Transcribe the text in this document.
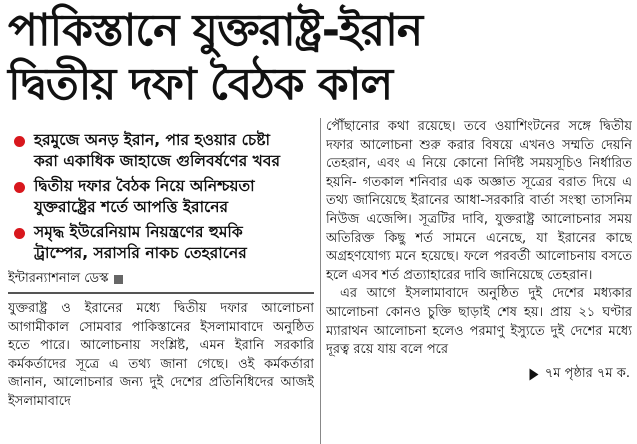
পাকিস্তানে যুক্তরাষ্ট্র-ইরান
দ্বিতীয় দফা বৈঠক কাল
হরমুজে অনড় ইরান, পার হওয়ার চেষ্টা
করা একাধিক জাহাজে গুলিবর্ষণের খবর
দ্বিতীয় দফার বৈঠক নিয়ে অনিশ্চয়তা
যুক্তরাষ্ট্রের শর্তে আপত্তি ইরানের
সমৃদ্ধ ইউরেনিয়াম নিয়ন্ত্রণের হুমকি
ট্রাম্পের, সরাসরি নাকচ তেহরানের
ইন্টারন্যাশনাল ডেস্ক

যুক্তরাষ্ট্র ও ইরানের মধ্যে দ্বিতীয় দফার আলোচনা আগামীকাল সোমবার পাকিস্তানের ইসলামাবাদে অনুষ্ঠিত হতে পারে। আলোচনায় সংশ্লিষ্ট, এমন ইরানি সরকারি কর্মকর্তাদের সূত্রে এ তথ্য জানা গেছে। ওই কর্মকর্তারা জানান, আলোচনার জন্য দুই দেশের প্রতিনিধিদের আজই ইসলামাবাদে

পৌঁছানোর কথা রয়েছে। তবে ওয়াশিংটনের সঙ্গে দ্বিতীয় দফার আলোচনা শুরু করার বিষয়ে এখনও সম্মতি দেয়নি তেহরান, এবং এ নিয়ে কোনো নির্দিষ্ট সময়সূচিও নির্ধারিত হয়নি- গতকাল শনিবার এক অজ্ঞাত সূত্রের বরাত দিয়ে এ তথ্য জানিয়েছে ইরানের আধা-সরকারি বার্তা সংস্থা তাসনিম নিউজ এজেন্সি। সূত্রটির দাবি, যুক্তরাষ্ট্র আলোচনার সময় অতিরিক্ত কিছু শর্ত সামনে এনেছে, যা ইরানের কাছে অগ্রহণযোগ্য মনে হয়েছে। ফলে পরবর্তী আলোচনায় বসতে হলে এসব শর্ত প্রত্যাহারের দাবি জানিয়েছে তেহরান।

এর আগে ইসলামাবাদে অনুষ্ঠিত দুই দেশের মধ্যকার আলোচনা কোনও চুক্তি ছাড়াই শেষ হয়। প্রায় ২১ ঘণ্টার ম্যারাথন আলোচনা হলেও পরমাণু ইস্যুতে দুই দেশের মধ্যে দূরত্ব রয়ে যায় বলে পরে

৭ম পৃষ্ঠার ৭ম ক.
